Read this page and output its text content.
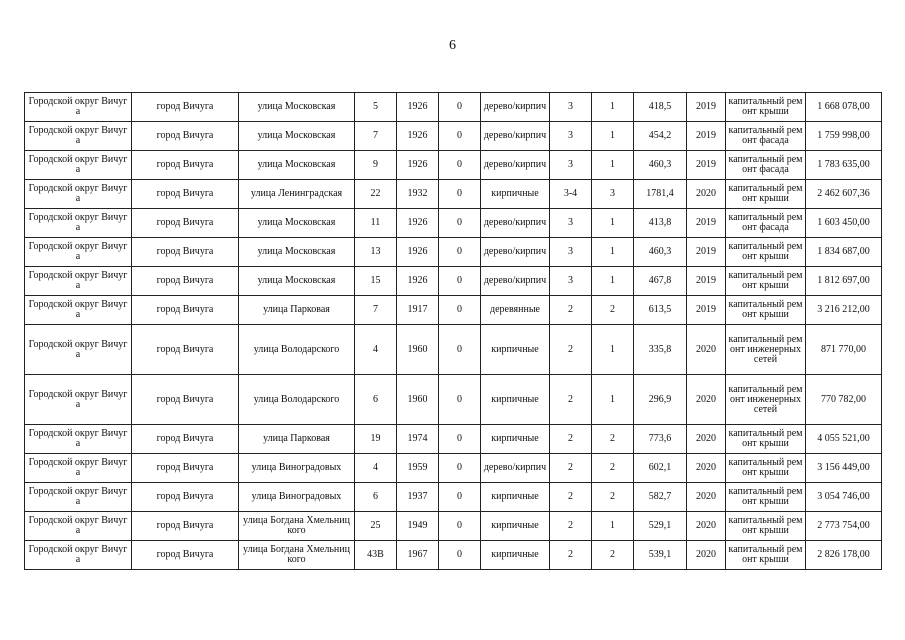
6
Городской округ Вичуга	город Вичуга	улица Московская	5	1926	0	дерево/кирпич	3	1	418,5	2019	капитальный ремонт крыши	1 668 078,00
Городской округ Вичуга	город Вичуга	улица Московская	7	1926	0	дерево/кирпич	3	1	454,2	2019	капитальный ремонт фасада	1 759 998,00
Городской округ Вичуга	город Вичуга	улица Московская	9	1926	0	дерево/кирпич	3	1	460,3	2019	капитальный ремонт фасада	1 783 635,00
Городской округ Вичуга	город Вичуга	улица Ленинградская	22	1932	0	кирпичные	3-4	3	1781,4	2020	капитальный ремонт крыши	2 462 607,36
Городской округ Вичуга	город Вичуга	улица Московская	11	1926	0	дерево/кирпич	3	1	413,8	2019	капитальный ремонт фасада	1 603 450,00
Городской округ Вичуга	город Вичуга	улица Московская	13	1926	0	дерево/кирпич	3	1	460,3	2019	капитальный ремонт крыши	1 834 687,00
Городской округ Вичуга	город Вичуга	улица Московская	15	1926	0	дерево/кирпич	3	1	467,8	2019	капитальный ремонт крыши	1 812 697,00
Городской округ Вичуга	город Вичуга	улица Парковая	7	1917	0	деревянные	2	2	613,5	2019	капитальный ремонт крыши	3 216 212,00
Городской округ Вичуга	город Вичуга	улица Володарского	4	1960	0	кирпичные	2	1	335,8	2020	капитальный ремонт инженерных сетей	871 770,00
Городской округ Вичуга	город Вичуга	улица Володарского	6	1960	0	кирпичные	2	1	296,9	2020	капитальный ремонт инженерных сетей	770 782,00
Городской округ Вичуга	город Вичуга	улица Парковая	19	1974	0	кирпичные	2	2	773,6	2020	капитальный ремонт крыши	4 055 521,00
Городской округ Вичуга	город Вичуга	улица Виноградовых	4	1959	0	дерево/кирпич	2	2	602,1	2020	капитальный ремонт крыши	3 156 449,00
Городской округ Вичуга	город Вичуга	улица Виноградовых	6	1937	0	кирпичные	2	2	582,7	2020	капитальный ремонт крыши	3 054 746,00
Городской округ Вичуга	город Вичуга	улица Богдана Хмельницкого	25	1949	0	кирпичные	2	1	529,1	2020	капитальный ремонт крыши	2 773 754,00
Городской округ Вичуга	город Вичуга	улица Богдана Хмельницкого	43В	1967	0	кирпичные	2	2	539,1	2020	капитальный ремонт крыши	2 826 178,00
